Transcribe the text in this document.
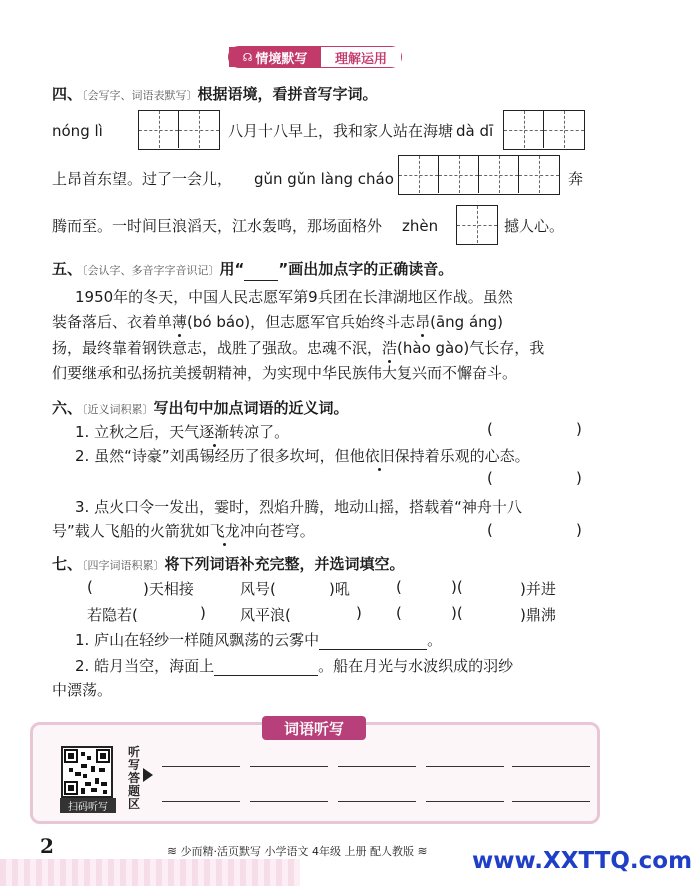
☊ 情境默写	理解运用
四、〔会写字、词语表默写〕根据语境，看拼音写字词。
nóng lì	八月十八早上，我和家人站在海塘 dà dī
上昂首东望。过了一会儿， gǔn gǔn làng cháo	奔
腾而至。一时间巨浪滔天，江水轰鸣，那场面格外 zhèn	撼人心。
五、〔会认字、多音字字音识记〕用“ ”画出加点字的正确读音。
1950年的冬天，中国人民志愿军第9兵团在长津湖地区作战。虽然
装备落后、衣着单薄(bó báo)，但志愿军官兵始终斗志昂(āng áng)
扬，最终靠着钢铁意志，战胜了强敌。忠魂不泯，浩(hào gào)气长存，我
们要继承和弘扬抗美援朝精神，为实现中华民族伟大复兴而不懈奋斗。
六、〔近义词积累〕写出句中加点词语的近义词。
1. 立秋之后，天气逐渐转凉了。	(	)
2. 虽然“诗豪”刘禹锡经历了很多坎坷，但他依旧保持着乐观的心态。
(	)
3. 点火口令一发出，霎时，烈焰升腾，地动山摇，搭载着“神舟十八
号”载人飞船的火箭犹如飞龙冲向苍穹。	(	)
七、〔四字词语积累〕将下列词语补充完整，并选词填空。
(	)天相接	风号(	)吼	(	)(	)并进
若隐若(	) 风平浪(	) (	)(	)鼎沸
1. 庐山在轻纱一样随风飘荡的云雾中	。
2. 皓月当空，海面上	。船在月光与水波织成的羽纱
中漂荡。
词语听写
扫码听写
听写答题区
2	≋ 少而精·活页默写 小学语文 4年级 上册 配人教版 ≋ www.XXTTQ.com
